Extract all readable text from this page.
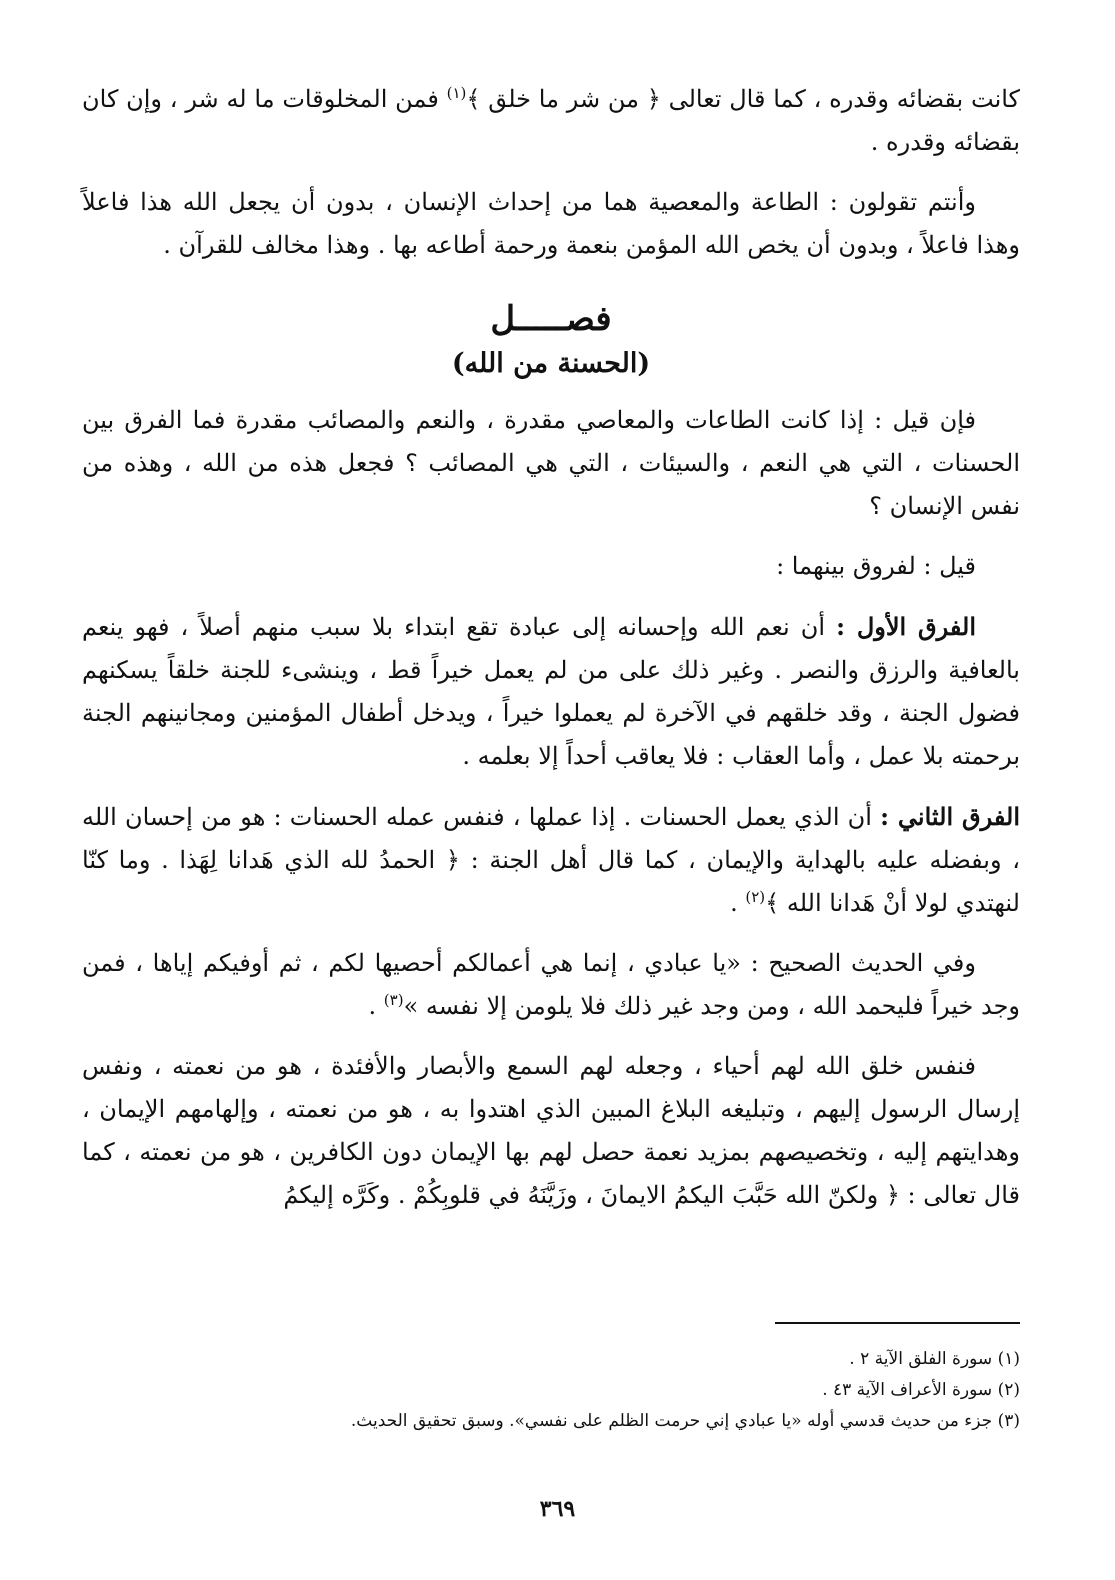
كانت بقضائه وقدره ، كما قال تعالى ﴿ من شر ما خلق ﴾$^{(١)}$ فمن المخلوقات ما له شر ، وإن كان بقضائه وقدره .

وأنتم تقولون : الطاعة والمعصية هما من إحداث الإنسان ، بدون أن يجعل الله هذا فاعلاً وهذا فاعلاً ، وبدون أن يخص الله المؤمن بنعمة ورحمة أطاعه بها . وهذا مخالف للقرآن .

فصـــــل
(الحسنة من الله)

فإن قيل : إذا كانت الطاعات والمعاصي مقدرة ، والنعم والمصائب مقدرة فما الفرق بين الحسنات ، التي هي النعم ، والسيئات ، التي هي المصائب ؟ فجعل هذه من الله ، وهذه من نفس الإنسان ؟

قيل : لفروق بينهما :

الفرق الأول : أن نعم الله وإحسانه إلى عبادة تقع ابتداء بلا سبب منهم أصلاً ، فهو ينعم بالعافية والرزق والنصر . وغير ذلك على من لم يعمل خيراً قط ، وينشىء للجنة خلقاً يسكنهم فضول الجنة ، وقد خلقهم في الآخرة لم يعملوا خيراً ، ويدخل أطفال المؤمنين ومجانينهم الجنة برحمته بلا عمل ، وأما العقاب : فلا يعاقب أحداً إلا بعلمه .

الفرق الثاني : أن الذي يعمل الحسنات . إذا عملها ، فنفس عمله الحسنات : هو من إحسان الله ، وبفضله عليه بالهداية والإيمان ، كما قال أهل الجنة : ﴿ الحمدُ لله الذي هَدانا لِهَذا . وما كنّا لنهتدي لولا أنْ هَدانا الله ﴾$^{(٢)}$ .

وفي الحديث الصحيح : «يا عبادي ، إنما هي أعمالكم أحصيها لكم ، ثم أوفيكم إياها ، فمن وجد خيراً فليحمد الله ، ومن وجد غير ذلك فلا يلومن إلا نفسه »$^{(٣)}$ .

فنفس خلق الله لهم أحياء ، وجعله لهم السمع والأبصار والأفئدة ، هو من نعمته ، ونفس إرسال الرسول إليهم ، وتبليغه البلاغ المبين الذي اهتدوا به ، هو من نعمته ، وإلهامهم الإيمان ، وهدايتهم إليه ، وتخصيصهم بمزيد نعمة حصل لهم بها الإيمان دون الكافرين ، هو من نعمته ، كما قال تعالى : ﴿ ولكنّ الله حَبَّبَ اليكمُ الايمانَ ، وزَيَّنَهُ في قلوبِكُمْ . وكَرَّه إليكمُ

(١) سورة الفلق الآية ٢ .

(٢) سورة الأعراف الآية ٤٣ .

(٣) جزء من حديث قدسي أوله «يا عبادي إني حرمت الظلم على نفسي». وسبق تحقيق الحديث.

٣٦٩
